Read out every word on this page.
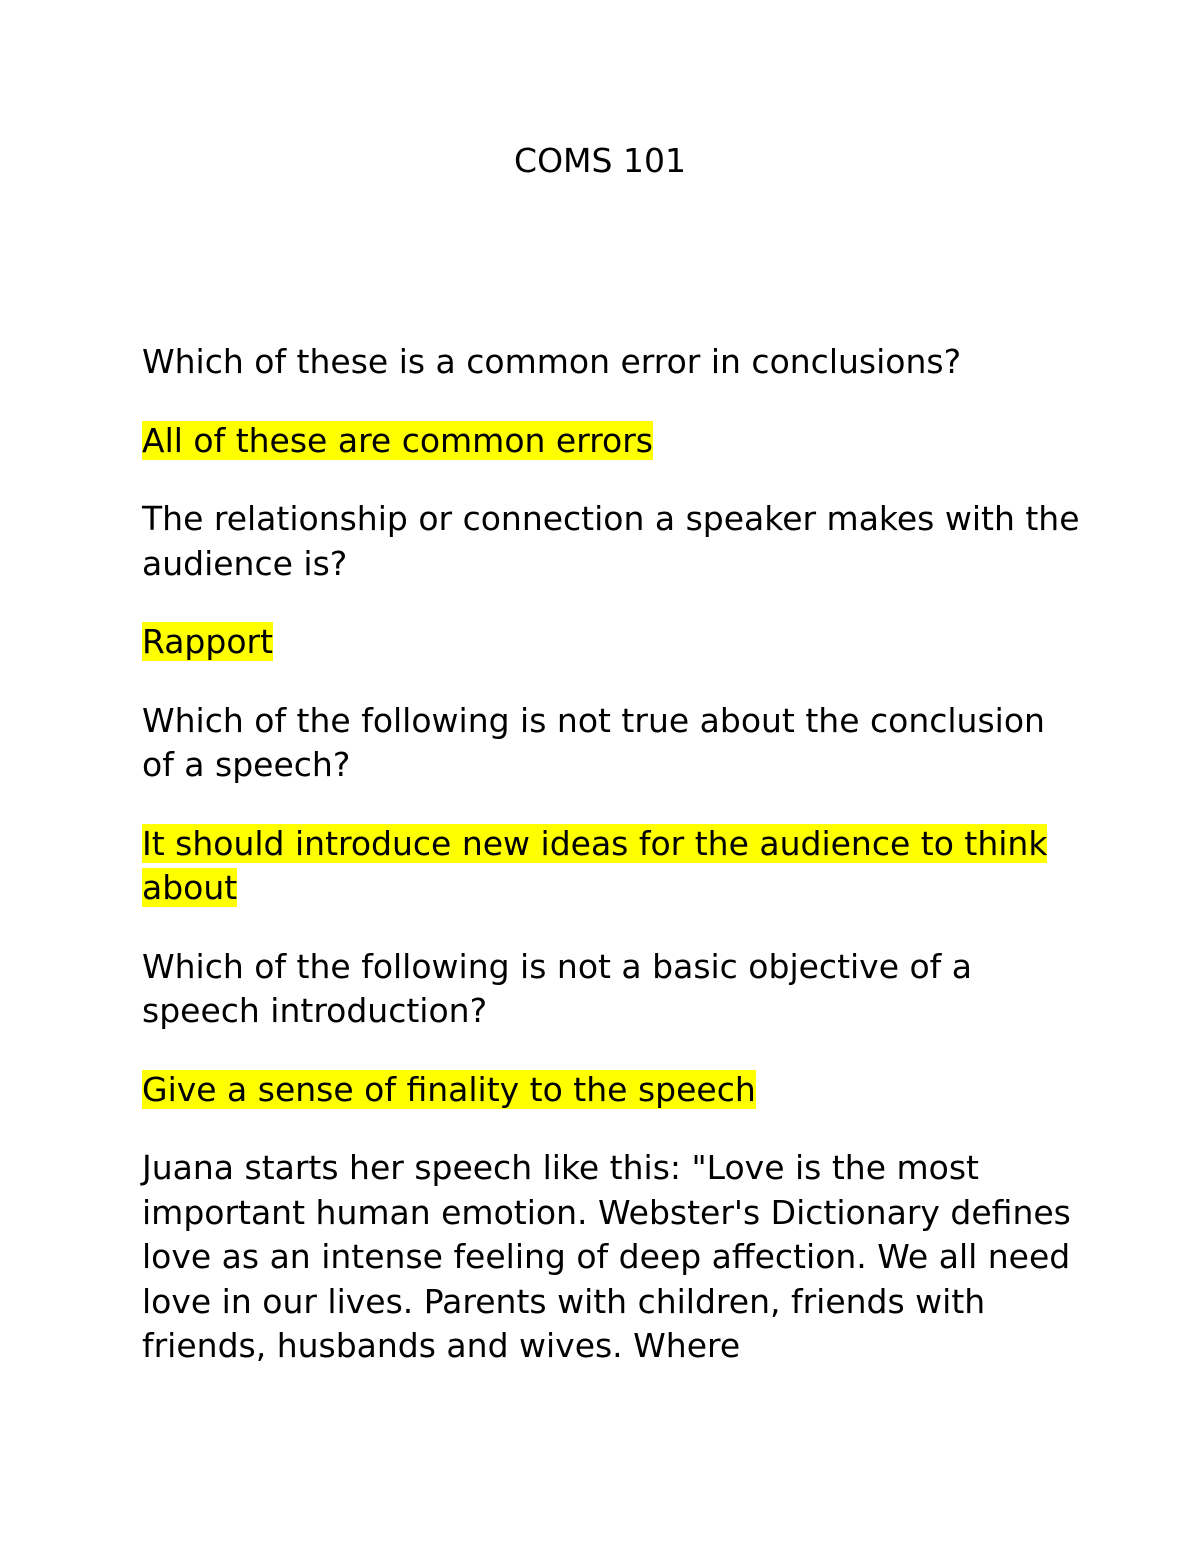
COMS 101

Which of these is a common error in conclusions?

All of these are common errors

The relationship or connection a speaker makes with the audience is?

Rapport

Which of the following is not true about the conclusion of a speech?

It should introduce new ideas for the audience to think about

Which of the following is not a basic objective of a speech introduction?

Give a sense of finality to the speech

Juana starts her speech like this: "Love is the most important human emotion. Webster's Dictionary defines love as an intense feeling of deep affection. We all need love in our lives. Parents with children, friends with friends, husbands and wives. Where
